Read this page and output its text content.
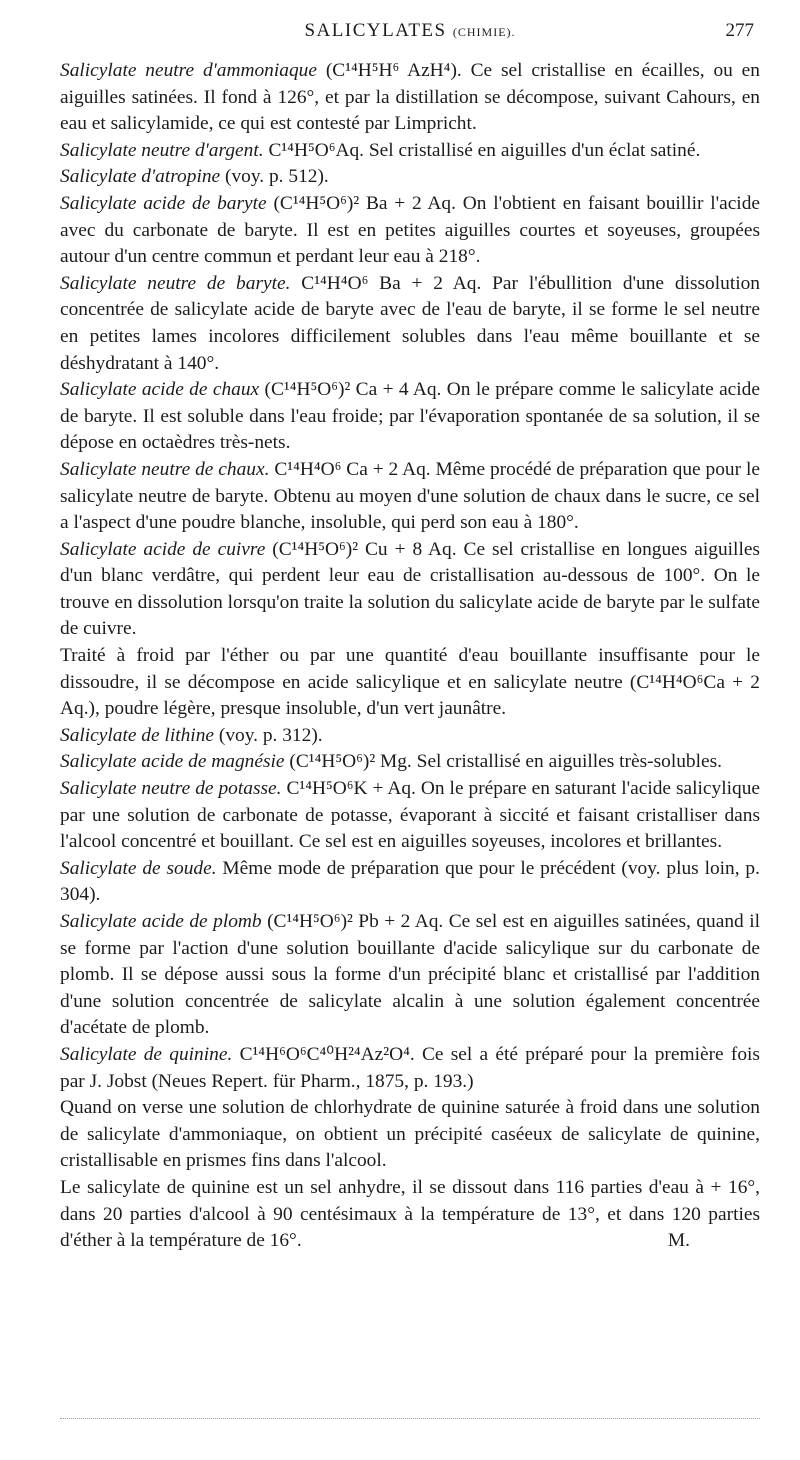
SALICYLATES (CHIMIE).	277

Salicylate neutre d'ammoniaque (C¹⁴H⁵H⁶ AzH⁴). Ce sel cristallise en écailles, ou en aiguilles satinées. Il fond à 126°, et par la distillation se décompose, suivant Cahours, en eau et salicylamide, ce qui est contesté par Limpricht.

Salicylate neutre d'argent. C¹⁴H⁵O⁶Aq. Sel cristallisé en aiguilles d'un éclat satiné.

Salicylate d'atropine (voy. p. 512).

Salicylate acide de baryte (C¹⁴H⁵O⁶)² Ba + 2 Aq. On l'obtient en faisant bouillir l'acide avec du carbonate de baryte. Il est en petites aiguilles courtes et soyeuses, groupées autour d'un centre commun et perdant leur eau à 218°.

Salicylate neutre de baryte. C¹⁴H⁴O⁶ Ba + 2 Aq. Par l'ébullition d'une dissolution concentrée de salicylate acide de baryte avec de l'eau de baryte, il se forme le sel neutre en petites lames incolores difficilement solubles dans l'eau même bouillante et se déshydratant à 140°.

Salicylate acide de chaux (C¹⁴H⁵O⁶)² Ca + 4 Aq. On le prépare comme le salicylate acide de baryte. Il est soluble dans l'eau froide; par l'évaporation spontanée de sa solution, il se dépose en octaèdres très-nets.

Salicylate neutre de chaux. C¹⁴H⁴O⁶ Ca + 2 Aq. Même procédé de préparation que pour le salicylate neutre de baryte. Obtenu au moyen d'une solution de chaux dans le sucre, ce sel a l'aspect d'une poudre blanche, insoluble, qui perd son eau à 180°.

Salicylate acide de cuivre (C¹⁴H⁵O⁶)² Cu + 8 Aq. Ce sel cristallise en longues aiguilles d'un blanc verdâtre, qui perdent leur eau de cristallisation au-dessous de 100°. On le trouve en dissolution lorsqu'on traite la solution du salicylate acide de baryte par le sulfate de cuivre.

Traité à froid par l'éther ou par une quantité d'eau bouillante insuffisante pour le dissoudre, il se décompose en acide salicylique et en salicylate neutre (C¹⁴H⁴O⁶Ca + 2 Aq.), poudre légère, presque insoluble, d'un vert jaunâtre.

Salicylate de lithine (voy. p. 312).

Salicylate acide de magnésie (C¹⁴H⁵O⁶)² Mg. Sel cristallisé en aiguilles très-solubles.

Salicylate neutre de potasse. C¹⁴H⁵O⁶K + Aq. On le prépare en saturant l'acide salicylique par une solution de carbonate de potasse, évaporant à siccité et faisant cristalliser dans l'alcool concentré et bouillant. Ce sel est en aiguilles soyeuses, incolores et brillantes.

Salicylate de soude. Même mode de préparation que pour le précédent (voy. plus loin, p. 304).

Salicylate acide de plomb (C¹⁴H⁵O⁶)² Pb + 2 Aq. Ce sel est en aiguilles satinées, quand il se forme par l'action d'une solution bouillante d'acide salicylique sur du carbonate de plomb. Il se dépose aussi sous la forme d'un précipité blanc et cristallisé par l'addition d'une solution concentrée de salicylate alcalin à une solution également concentrée d'acétate de plomb.

Salicylate de quinine. C¹⁴H⁶O⁶C⁴⁰H²⁴Az²O⁴. Ce sel a été préparé pour la première fois par J. Jobst (Neues Repert. für Pharm., 1875, p. 193.)

Quand on verse une solution de chlorhydrate de quinine saturée à froid dans une solution de salicylate d'ammoniaque, on obtient un précipité caséeux de salicylate de quinine, cristallisable en prismes fins dans l'alcool.

Le salicylate de quinine est un sel anhydre, il se dissout dans 116 parties d'eau à + 16°, dans 20 parties d'alcool à 90 centésimaux à la température de 13°, et dans 120 parties d'éther à la température de 16°.	M.
